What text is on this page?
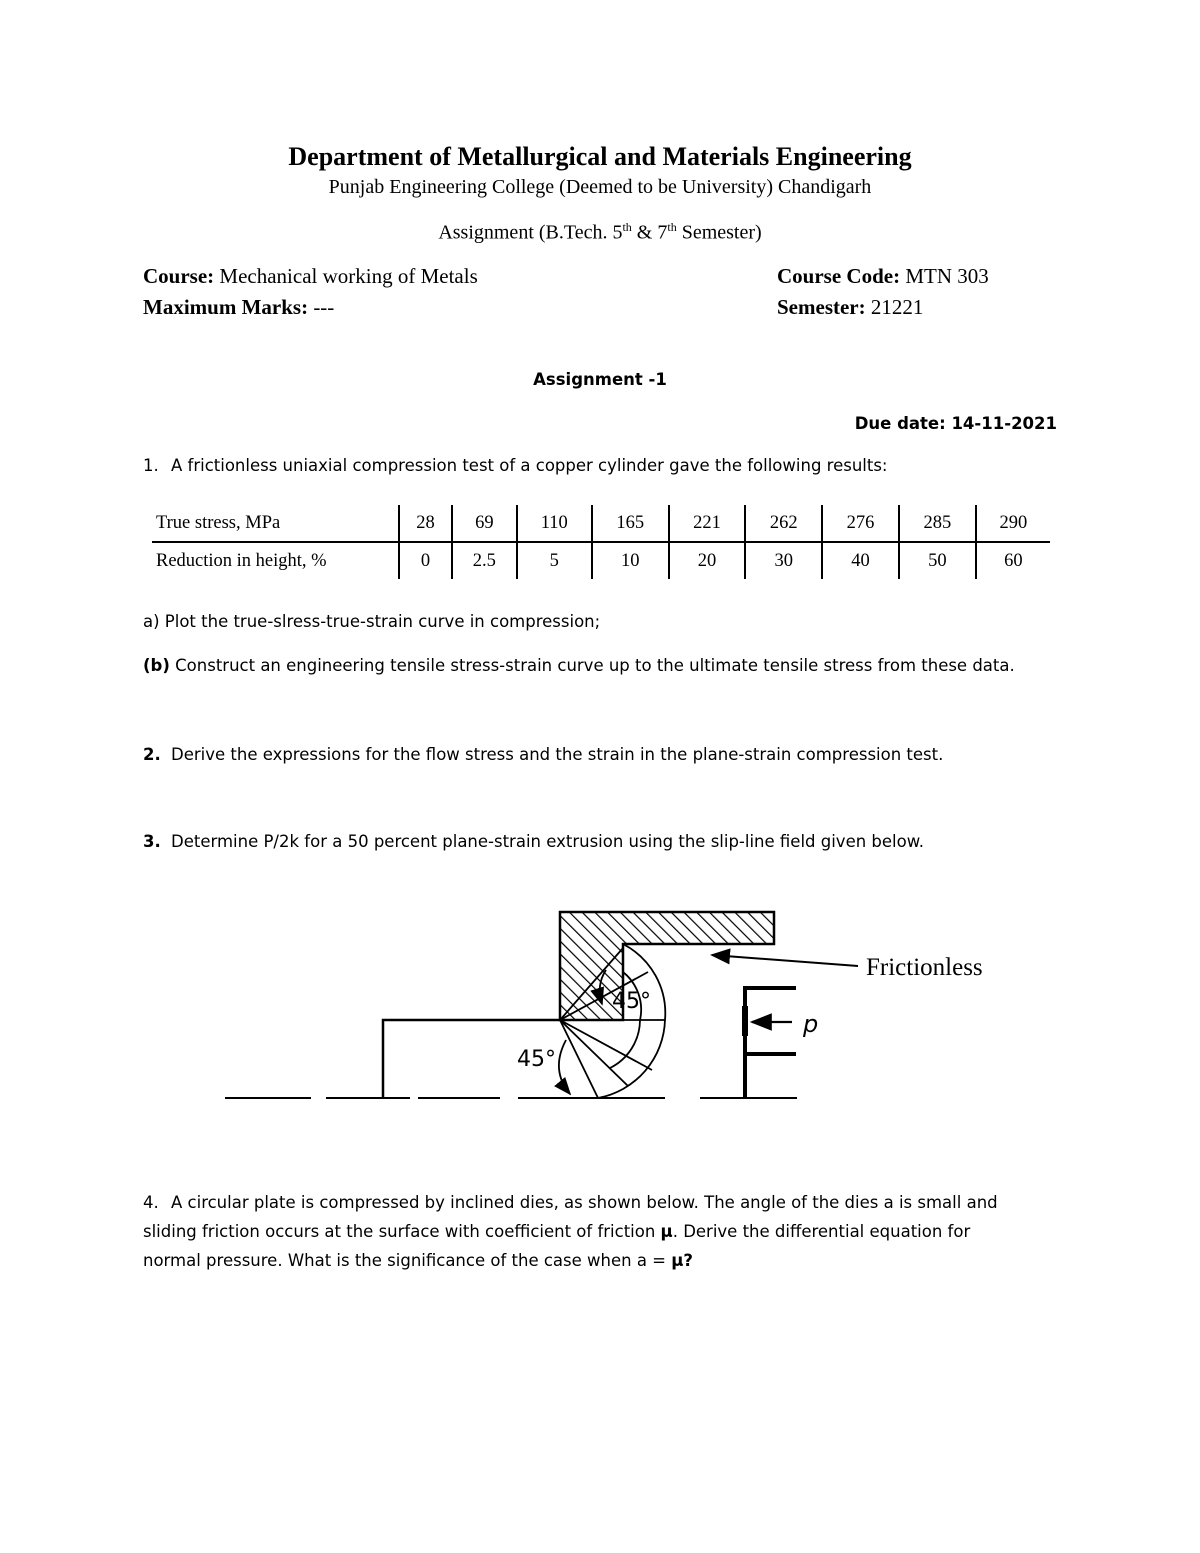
Department of Metallurgical and Materials Engineering
Punjab Engineering College (Deemed to be University) Chandigarh
Assignment (B.Tech. 5th & 7th Semester)
Course: Mechanical working of Metals	Course Code: MTN 303
Maximum Marks: ---	Semester: 21221
Assignment -1
Due date: 14-11-2021
1. A frictionless uniaxial compression test of a copper cylinder gave the following results:
True stress, MPa	28	69	110	165	221	262	276	285	290
Reduction in height, %	0	2.5	5	10	20	30	40	50	60
a) Plot the true-slress-true-strain curve in compression;
(b) Construct an engineering tensile stress-strain curve up to the ultimate tensile stress from these data.
2. Derive the expressions for the flow stress and the strain in the plane-strain compression test.
3. Determine P/2k for a 50 percent plane-strain extrusion using the slip-line field given below.
Frictionless
45°
45°
p
4. A circular plate is compressed by inclined dies, as shown below. The angle of the dies a is small and
sliding friction occurs at the surface with coefficient of friction μ. Derive the differential equation for
normal pressure. What is the significance of the case when a = μ?
